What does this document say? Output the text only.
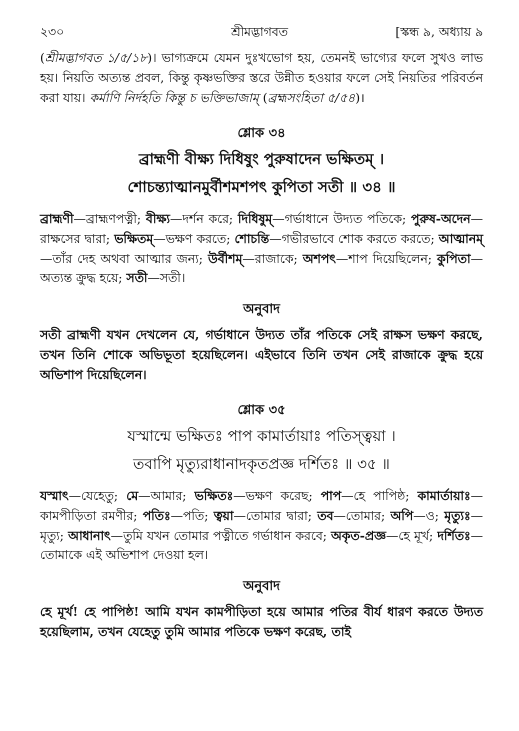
২৩০	শ্রীমদ্ভাগবত	[স্কন্ধ ৯, অধ্যায় ৯

(শ্রীমদ্ভাগবত ১/৫/১৮)। ভাগ্যক্রমে যেমন দুঃখভোগ হয়, তেমনই ভাগ্যের ফলে সুখও লাভ হয়। নিয়তি অত্যন্ত প্রবল, কিন্তু কৃষ্ণভক্তির স্তরে উন্নীত হওয়ার ফলে সেই নিয়তির পরিবর্তন করা যায়। কর্মাণি নির্দহতি কিন্তু চ ভক্তিভাজাম্ (ব্রহ্মসংহিতা ৫/৫৪)।

শ্লোক ৩৪
ব্রাহ্মণী বীক্ষ্য দিধিষুং পুরুষাদেন ভক্ষিতম্ ।
শোচন্ত্যাত্মানমুর্বীশমশপৎ কুপিতা সতী ॥ ৩৪ ॥

ব্রাহ্মণী—ব্রাহ্মণপত্নী; বীক্ষ্য—দর্শন করে; দিধিষুম্—গর্ভাধানে উদ্যত পতিকে; পুরুষ-অদেন—রাক্ষসের দ্বারা; ভক্ষিতম্—ভক্ষণ করতে; শোচন্তি—গভীরভাবে শোক করতে করতে; আত্মানম্—তাঁর দেহ অথবা আত্মার জন্য; উর্বীশম্—রাজাকে; অশপৎ—শাপ দিয়েছিলেন; কুপিতা—অত্যন্ত ক্রুদ্ধ হয়ে; সতী—সতী।

অনুবাদ

সতী ব্রাহ্মণী যখন দেখলেন যে, গর্ভাধানে উদ্যত তাঁর পতিকে সেই রাক্ষস ভক্ষণ করছে, তখন তিনি শোকে অভিভূতা হয়েছিলেন। এইভাবে তিনি তখন সেই রাজাকে ক্রুদ্ধ হয়ে অভিশাপ দিয়েছিলেন।

শ্লোক ৩৫
যস্মান্মে ভক্ষিতঃ পাপ কামার্তায়াঃ পতিস্ত্বয়া ।
তবাপি মৃত্যুরাধানাদকৃতপ্রজ্ঞ দর্শিতঃ ॥ ৩৫ ॥

যস্মাৎ—যেহেতু; মে—আমার; ভক্ষিতঃ—ভক্ষণ করেছ; পাপ—হে পাপিষ্ঠ; কামার্তায়াঃ—কামপীড়িতা রমণীর; পতিঃ—পতি; ত্বয়া—তোমার দ্বারা; তব—তোমার; অপি—ও; মৃত্যুঃ—মৃত্যু; আধানাৎ—তুমি যখন তোমার পত্নীতে গর্ভাধান করবে; অকৃত-প্রজ্ঞ—হে মূর্খ; দর্শিতঃ—তোমাকে এই অভিশাপ দেওয়া হল।

অনুবাদ

হে মূর্খ! হে পাপিষ্ঠ! আমি যখন কামপীড়িতা হয়ে আমার পতির বীর্য ধারণ করতে উদ্যত হয়েছিলাম, তখন যেহেতু তুমি আমার পতিকে ভক্ষণ করেছ, তাই
